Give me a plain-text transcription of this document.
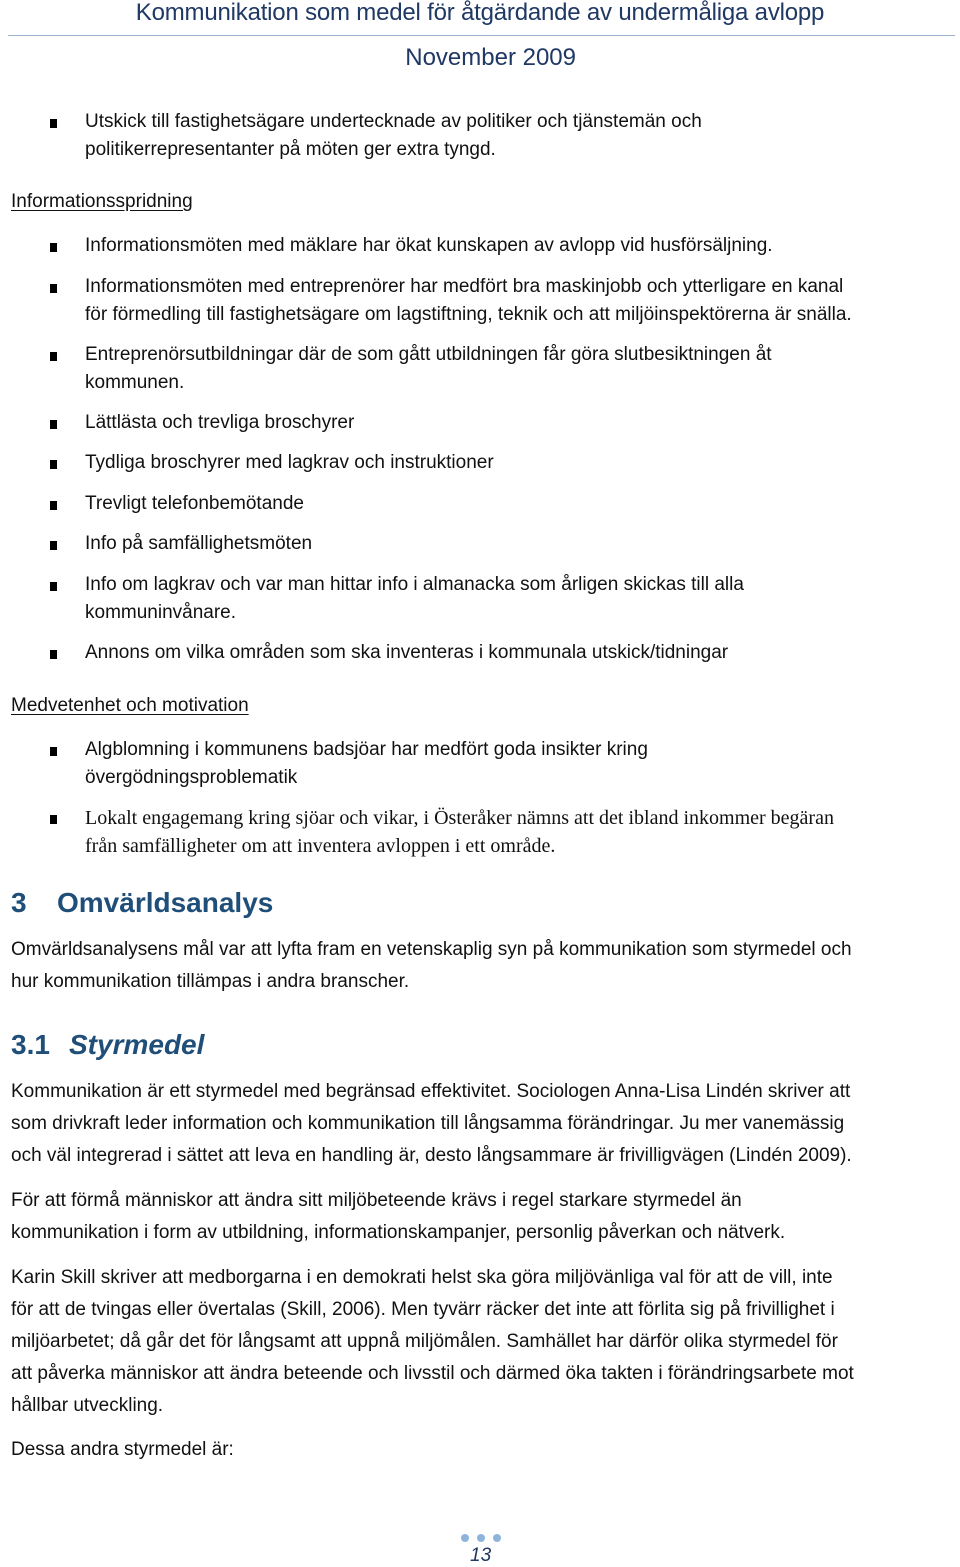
Kommunikation som medel för åtgärdande av undermåliga avlopp
November 2009
Utskick till fastighetsägare undertecknade av politiker och tjänstemän och
politikerrepresentanter på möten ger extra tyngd.
Informationsspridning
Informationsmöten med mäklare har ökat kunskapen av avlopp vid husförsäljning.
Informationsmöten med entreprenörer har medfört bra maskinjobb och ytterligare en kanal
för förmedling till fastighetsägare om lagstiftning, teknik och att miljöinspektörerna är snälla.
Entreprenörsutbildningar där de som gått utbildningen får göra slutbesiktningen åt
kommunen.
Lättlästa och trevliga broschyrer
Tydliga broschyrer med lagkrav och instruktioner
Trevligt telefonbemötande
Info på samfällighetsmöten
Info om lagkrav och var man hittar info i almanacka som årligen skickas till alla
kommuninvånare.
Annons om vilka områden som ska inventeras i kommunala utskick/tidningar
Medvetenhet och motivation
Algblomning i kommunens badsjöar har medfört goda insikter kring
övergödningsproblematik
Lokalt engagemang kring sjöar och vikar, i Österåker nämns att det ibland inkommer begäran
från samfälligheter om att inventera avloppen i ett område.
3 Omvärldsanalys
Omvärldsanalysens mål var att lyfta fram en vetenskaplig syn på kommunikation som styrmedel och
hur kommunikation tillämpas i andra branscher.
3.1 Styrmedel
Kommunikation är ett styrmedel med begränsad effektivitet. Sociologen Anna-Lisa Lindén skriver att
som drivkraft leder information och kommunikation till långsamma förändringar. Ju mer vanemässig
och väl integrerad i sättet att leva en handling är, desto långsammare är frivilligvägen (Lindén 2009).
För att förmå människor att ändra sitt miljöbeteende krävs i regel starkare styrmedel än
kommunikation i form av utbildning, informationskampanjer, personlig påverkan och nätverk.
Karin Skill skriver att medborgarna i en demokrati helst ska göra miljövänliga val för att de vill, inte
för att de tvingas eller övertalas (Skill, 2006). Men tyvärr räcker det inte att förlita sig på frivillighet i
miljöarbetet; då går det för långsamt att uppnå miljömålen. Samhället har därför olika styrmedel för
att påverka människor att ändra beteende och livsstil och därmed öka takten i förändringsarbete mot
hållbar utveckling.
Dessa andra styrmedel är:
13
